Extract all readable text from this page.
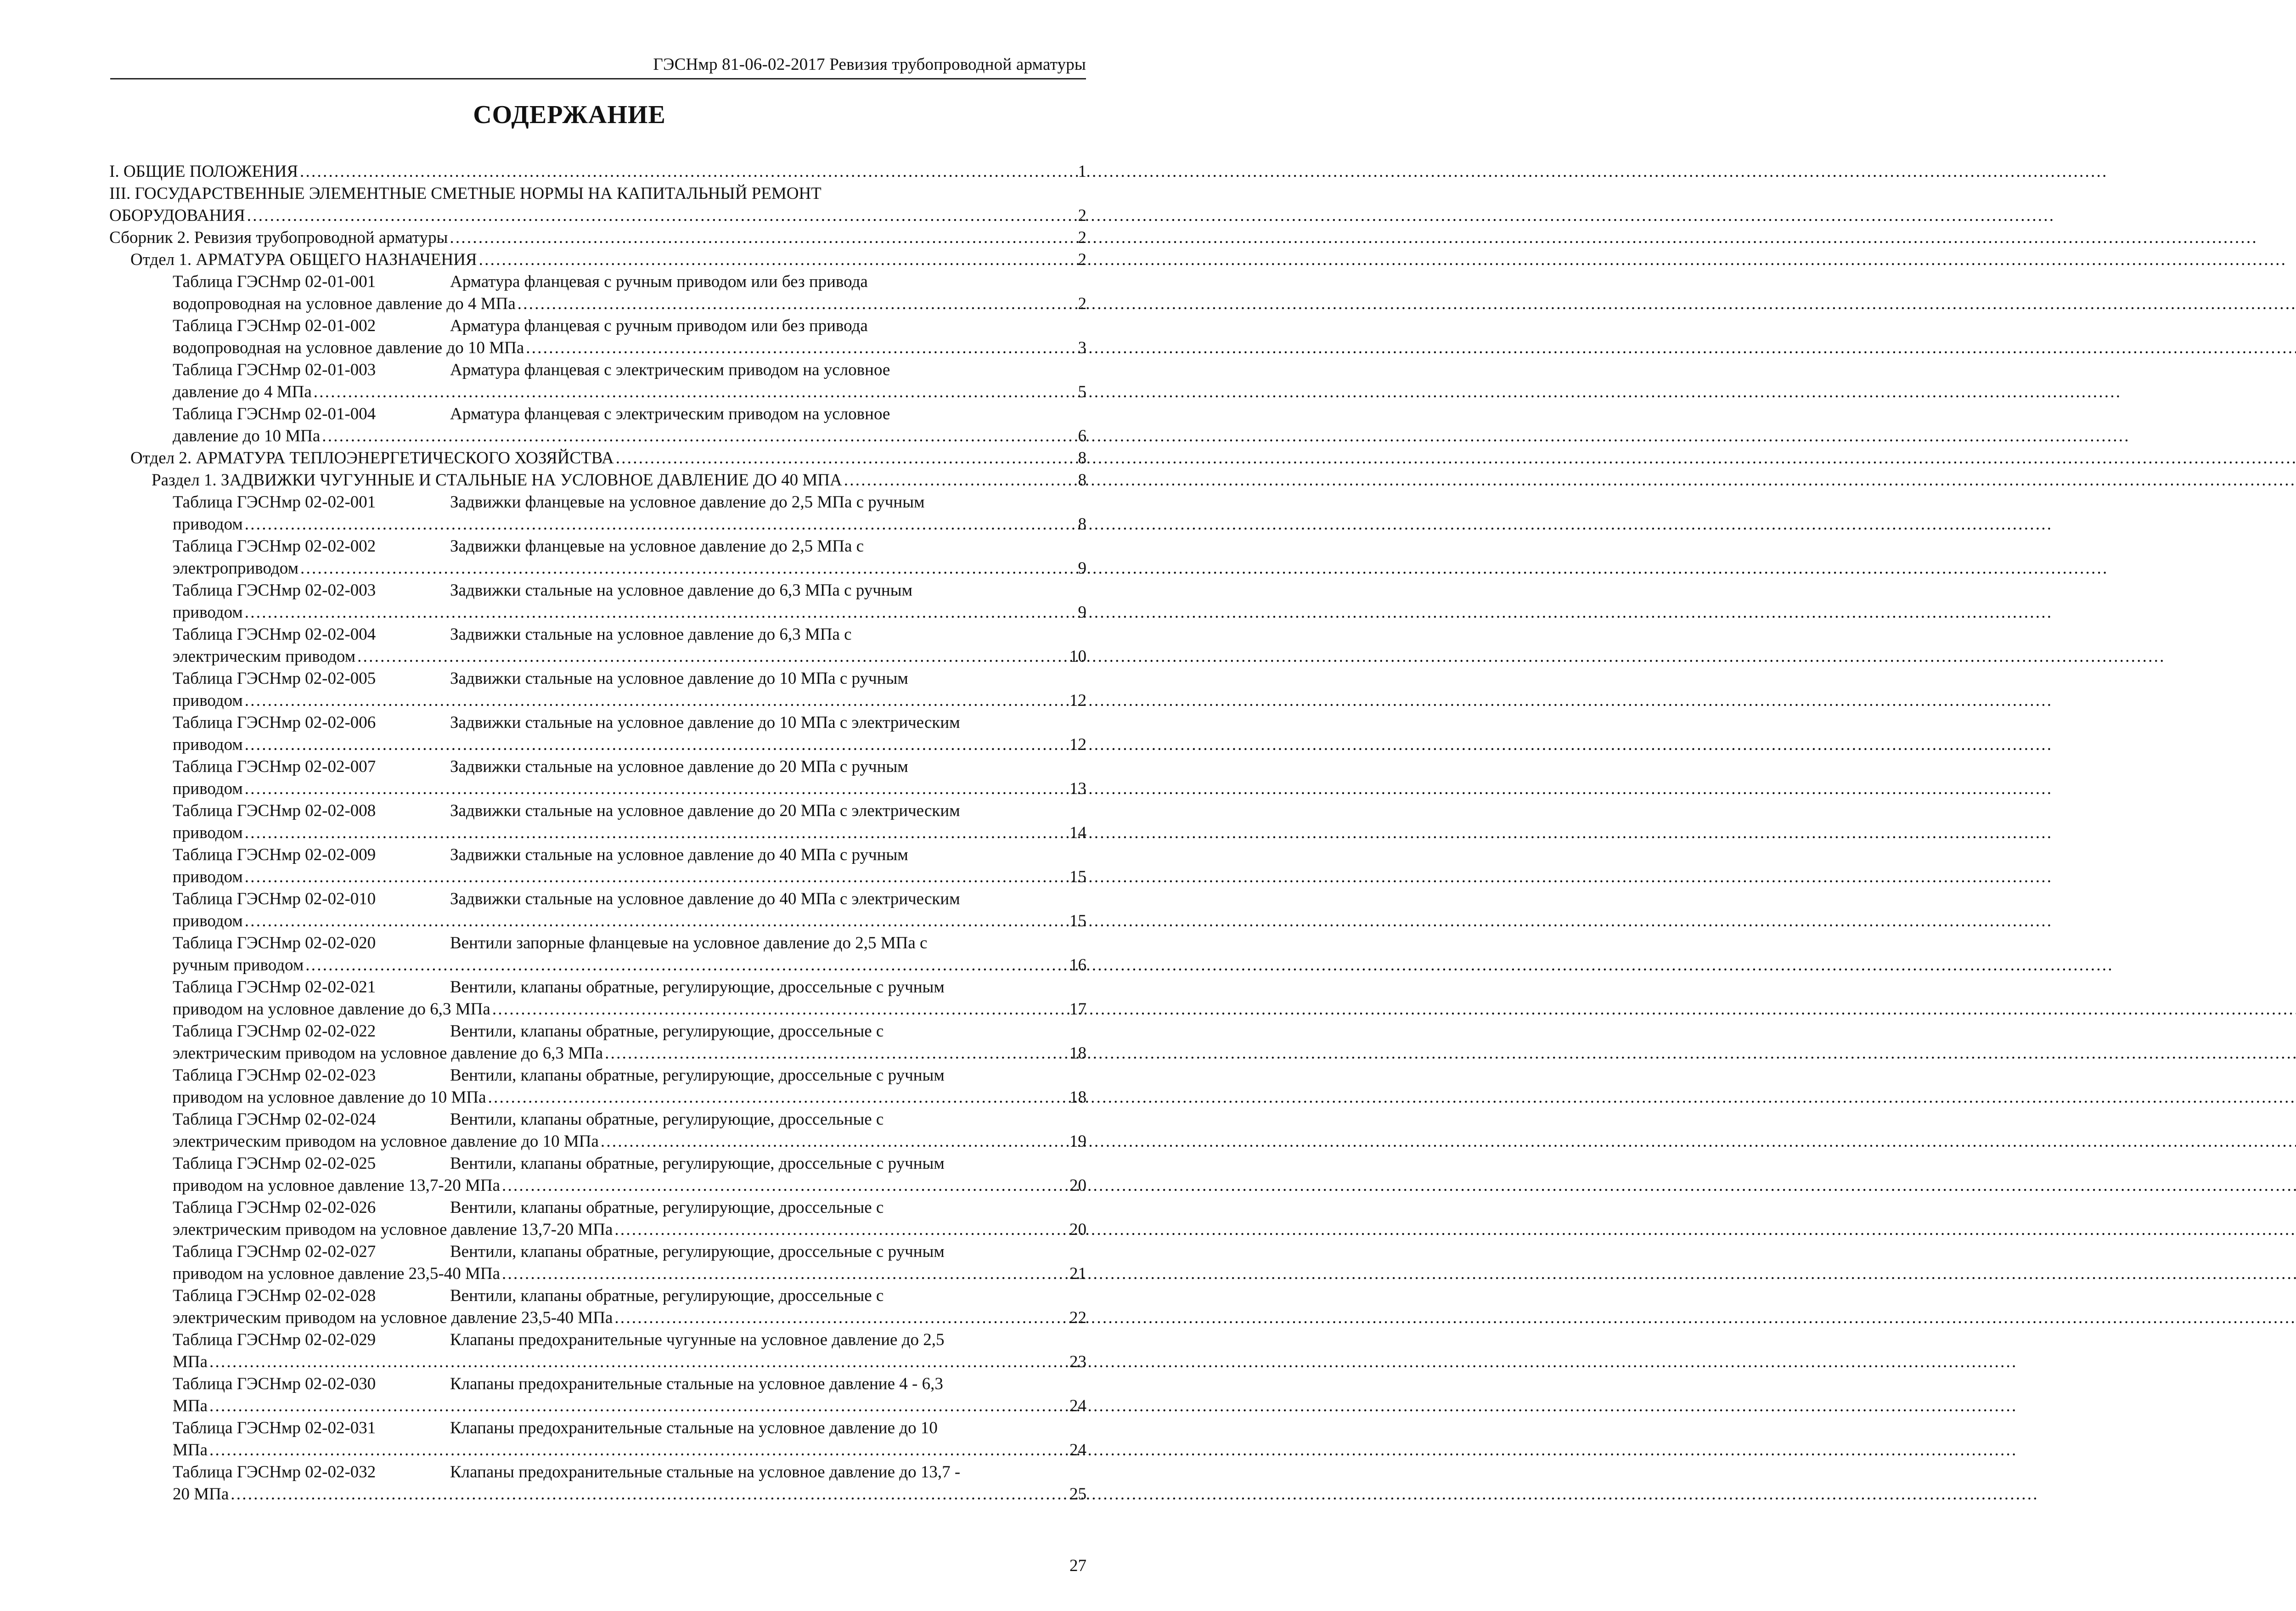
ГЭСНмр 81-06-02-2017 Ревизия трубопроводной арматуры
СОДЕРЖАНИЕ
I. ОБЩИЕ ПОЛОЖЕНИЯ . . .	1
III. ГОСУДАРСТВЕННЫЕ ЭЛЕМЕНТНЫЕ СМЕТНЫЕ НОРМЫ НА КАПИТАЛЬНЫЙ РЕМОНТ
ОБОРУДОВАНИЯ . . .	2
Сборник 2. Ревизия трубопроводной арматуры . . .	2
Отдел 1. АРМАТУРА ОБЩЕГО НАЗНАЧЕНИЯ . . .	2
Таблица ГЭСНмр 02-01-001	Арматура фланцевая с ручным приводом или без привода
водопроводная на условное давление до 4 МПа . . .	2
Таблица ГЭСНмр 02-01-002	Арматура фланцевая с ручным приводом или без привода
водопроводная на условное давление до 10 МПа . . .	3
Таблица ГЭСНмр 02-01-003	Арматура фланцевая с электрическим приводом на условное
давление до 4 МПа . . .	5
Таблица ГЭСНмр 02-01-004	Арматура фланцевая с электрическим приводом на условное
давление до 10 МПа . . .	6
Отдел 2. АРМАТУРА ТЕПЛОЭНЕРГЕТИЧЕСКОГО ХОЗЯЙСТВА . . .	8
Раздел 1. ЗАДВИЖКИ ЧУГУННЫЕ И СТАЛЬНЫЕ НА УСЛОВНОЕ ДАВЛЕНИЕ ДО 40 МПА . . .	8
Таблица ГЭСНмр 02-02-001	Задвижки фланцевые на условное давление до 2,5 МПа с ручным
приводом . . .	8
Таблица ГЭСНмр 02-02-002	Задвижки фланцевые на условное давление до 2,5 МПа с
электроприводом . . .	9
Таблица ГЭСНмр 02-02-003	Задвижки стальные на условное давление до 6,3 МПа с ручным
приводом . . .	9
Таблица ГЭСНмр 02-02-004	Задвижки стальные на условное давление до 6,3 МПа с
электрическим приводом . . .	10
Таблица ГЭСНмр 02-02-005	Задвижки стальные на условное давление до 10 МПа с ручным
приводом . . .	12
Таблица ГЭСНмр 02-02-006	Задвижки стальные на условное давление до 10 МПа с электрическим
приводом . . .	12
Таблица ГЭСНмр 02-02-007	Задвижки стальные на условное давление до 20 МПа с ручным
приводом . . .	13
Таблица ГЭСНмр 02-02-008	Задвижки стальные на условное давление до 20 МПа с электрическим
приводом . . .	14
Таблица ГЭСНмр 02-02-009	Задвижки стальные на условное давление до 40 МПа с ручным
приводом . . .	15
Таблица ГЭСНмр 02-02-010	Задвижки стальные на условное давление до 40 МПа с электрическим
приводом . . .	15
Таблица ГЭСНмр 02-02-020	Вентили запорные фланцевые на условное давление до 2,5 МПа с
ручным приводом . . .	16
Таблица ГЭСНмр 02-02-021	Вентили, клапаны обратные, регулирующие, дроссельные с ручным
приводом на условное давление до 6,3 МПа . . .	17
Таблица ГЭСНмр 02-02-022	Вентили, клапаны обратные, регулирующие, дроссельные с
электрическим приводом на условное давление до 6,3 МПа . . .	18
Таблица ГЭСНмр 02-02-023	Вентили, клапаны обратные, регулирующие, дроссельные с ручным
приводом на условное давление до 10 МПа . . .	18
Таблица ГЭСНмр 02-02-024	Вентили, клапаны обратные, регулирующие, дроссельные с
электрическим приводом на условное давление до 10 МПа . . .	19
Таблица ГЭСНмр 02-02-025	Вентили, клапаны обратные, регулирующие, дроссельные с ручным
приводом на условное давление 13,7-20 МПа . . .	20
Таблица ГЭСНмр 02-02-026	Вентили, клапаны обратные, регулирующие, дроссельные с
электрическим приводом на условное давление 13,7-20 МПа . . .	20
Таблица ГЭСНмр 02-02-027	Вентили, клапаны обратные, регулирующие, дроссельные с ручным
приводом на условное давление 23,5-40 МПа . . .	21
Таблица ГЭСНмр 02-02-028	Вентили, клапаны обратные, регулирующие, дроссельные с
электрическим приводом на условное давление 23,5-40 МПа . . .	22
Таблица ГЭСНмр 02-02-029	Клапаны предохранительные чугунные на условное давление до 2,5
МПа . . .	23
Таблица ГЭСНмр 02-02-030	Клапаны предохранительные стальные на условное давление 4 - 6,3
МПа . . .	24
Таблица ГЭСНмр 02-02-031	Клапаны предохранительные стальные на условное давление до 10
МПа . . .	24
Таблица ГЭСНмр 02-02-032	Клапаны предохранительные стальные на условное давление до 13,7 -
20 МПа . . .	25
27
